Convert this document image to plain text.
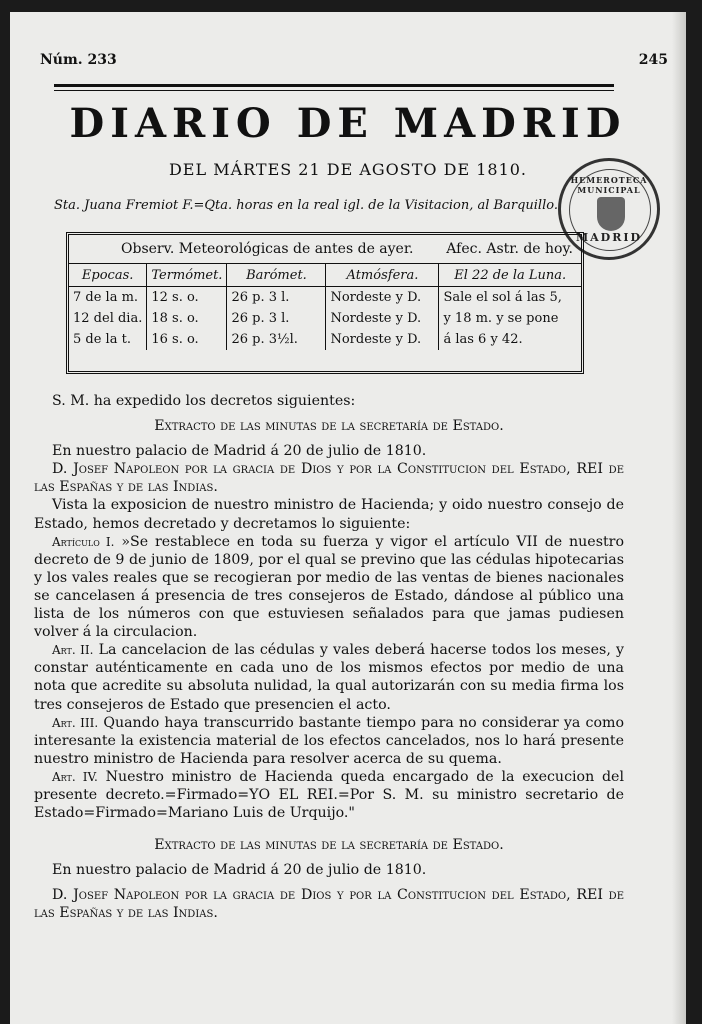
Núm. 233	245
DIARIO DE MADRID
DEL MÁRTES 21 DE AGOSTO DE 1810.
Sta. Juana Fremiot F.=Qta. horas en la real igl. de la Visitacion, al Barquillo.
HEMEROTECA MUNICIPAL
MADRID
Observ. Meteorológicas de antes de ayer. Afec. Astr. de hoy.
Epocas.	Termómet.	Barómet.	Atmósfera.	El 22 de la Luna.
7 de la m.	12 s. o.	26 p. 3 l.	Nordeste y D.	Sale el sol á las 5,
12 del dia.	18 s. o.	26 p. 3 l.	Nordeste y D.	y 18 m. y se pone
5 de la t.	16 s. o.	26 p. 3½l.	Nordeste y D.	á las 6 y 42.

S. M. ha expedido los decretos siguientes:

Extracto de las minutas de la secretaría de Estado.

En nuestro palacio de Madrid á 20 de julio de 1810.

D. Josef Napoleon por la gracia de Dios y por la Constitucion del Estado, REI de las Españas y de las Indias.

Vista la exposicion de nuestro ministro de Hacienda; y oido nuestro consejo de Estado, hemos decretado y decretamos lo siguiente:

Artículo I. »Se restablece en toda su fuerza y vigor el artículo VII de nuestro decreto de 9 de junio de 1809, por el qual se previno que las cédulas hipotecarias y los vales reales que se recogieran por medio de las ventas de bienes nacionales se cancelasen á presencia de tres consejeros de Estado, dándose al público una lista de los números con que estuviesen señalados para que jamas pudiesen volver á la circulacion.

Art. II. La cancelacion de las cédulas y vales deberá hacerse todos los meses, y constar auténticamente en cada uno de los mismos efectos por medio de una nota que acredite su absoluta nulidad, la qual autorizarán con su media firma los tres consejeros de Estado que presencien el acto.

Art. III. Quando haya transcurrido bastante tiempo para no considerar ya como interesante la existencia material de los efectos cancelados, nos lo hará presente nuestro ministro de Hacienda para resolver acerca de su quema.

Art. IV. Nuestro ministro de Hacienda queda encargado de la execucion del presente decreto.=Firmado=YO EL REI.=Por S. M. su ministro secretario de Estado=Firmado=Mariano Luis de Urquijo."

Extracto de las minutas de la secretaría de Estado.

En nuestro palacio de Madrid á 20 de julio de 1810.

D. Josef Napoleon por la gracia de Dios y por la Constitucion del Estado, REI de las Españas y de las Indias.
